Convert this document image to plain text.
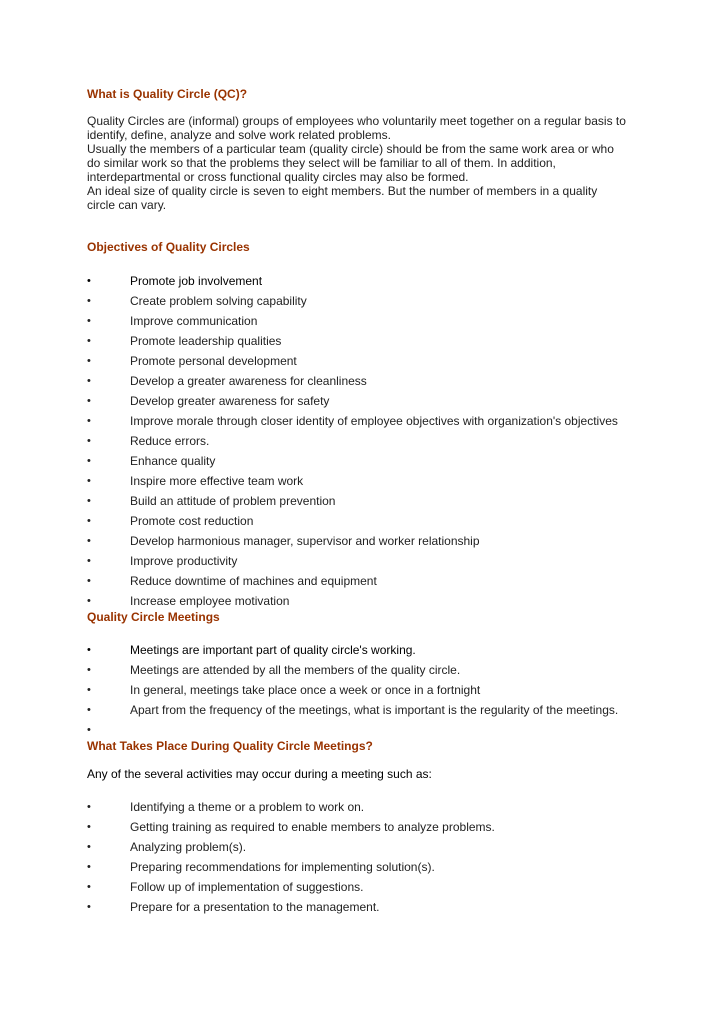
What is Quality Circle (QC)?

Quality Circles are (informal) groups of employees who voluntarily meet together on a regular basis to

identify, define, analyze and solve work related problems.

Usually the members of a particular team (quality circle) should be from the same work area or who

do similar work so that the problems they select will be familiar to all of them. In addition,

interdepartmental or cross functional quality circles may also be formed.

An ideal size of quality circle is seven to eight members. But the number of members in a quality

circle can vary.

Objectives of Quality Circles
•	Promote job involvement
•	Create problem solving capability
•	Improve communication
•	Promote leadership qualities
•	Promote personal development
•	Develop a greater awareness for cleanliness
•	Develop greater awareness for safety
•	Improve morale through closer identity of employee objectives with organization's objectives
•	Reduce errors.
•	Enhance quality
•	Inspire more effective team work
•	Build an attitude of problem prevention
•	Promote cost reduction
•	Develop harmonious manager, supervisor and worker relationship
•	Improve productivity
•	Reduce downtime of machines and equipment
•	Increase employee motivation
Quality Circle Meetings
•	Meetings are important part of quality circle's working.
•	Meetings are attended by all the members of the quality circle.
•	In general, meetings take place once a week or once in a fortnight
•	Apart from the frequency of the meetings, what is important is the regularity of the meetings.
•
What Takes Place During Quality Circle Meetings?

Any of the several activities may occur during a meeting such as:

•	Identifying a theme or a problem to work on.
•	Getting training as required to enable members to analyze problems.
•	Analyzing problem(s).
•	Preparing recommendations for implementing solution(s).
•	Follow up of implementation of suggestions.
•	Prepare for a presentation to the management.
